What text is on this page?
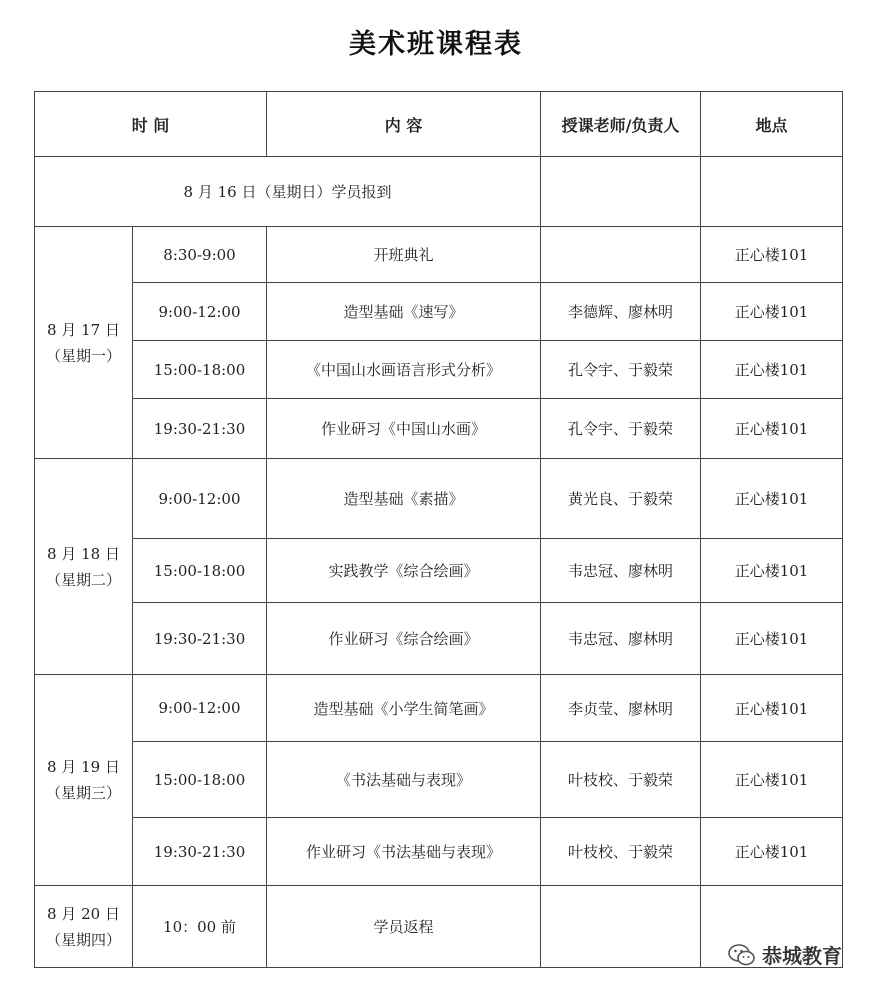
美术班课程表
时 间		内 容	授课老师/负责人	地点
8 月 16 日（星期日）学员报到				

8 月 17 日
（星期一）	8:30-9:00	开班典礼		正心楼101
	9:00-12:00	造型基础《速写》	李德辉、廖林明	正心楼101
	15:00-18:00	《中国山水画语言形式分析》	孔令宇、于毅荣	正心楼101
	19:30-21:30	作业研习《中国山水画》	孔令宇、于毅荣	正心楼101

8 月 18 日
（星期二）	9:00-12:00	造型基础《素描》	黄光良、于毅荣	正心楼101
	15:00-18:00	实践教学《综合绘画》	韦忠冠、廖林明	正心楼101
	19:30-21:30	作业研习《综合绘画》	韦忠冠、廖林明	正心楼101

8 月 19 日
（星期三）	9:00-12:00	造型基础《小学生简笔画》	李贞莹、廖林明	正心楼101
	15:00-18:00	《书法基础与表现》	叶枝校、于毅荣	正心楼101
	19:30-21:30	作业研习《书法基础与表现》	叶枝校、于毅荣	正心楼101

8 月 20 日
（星期四）	10：00 前	学员返程		
恭城教育
